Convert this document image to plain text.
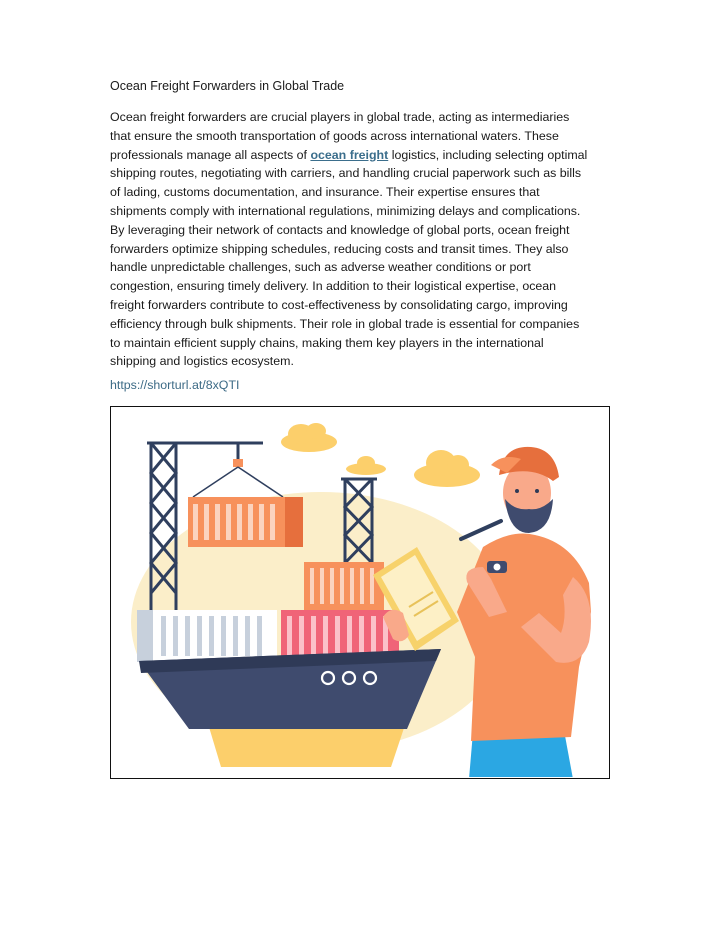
Ocean Freight Forwarders in Global Trade
Ocean freight forwarders are crucial players in global trade, acting as intermediaries
that ensure the smooth transportation of goods across international waters. These
professionals manage all aspects of ocean freight logistics, including selecting optimal
shipping routes, negotiating with carriers, and handling crucial paperwork such as bills
of lading, customs documentation, and insurance. Their expertise ensures that
shipments comply with international regulations, minimizing delays and complications.
By leveraging their network of contacts and knowledge of global ports, ocean freight
forwarders optimize shipping schedules, reducing costs and transit times. They also
handle unpredictable challenges, such as adverse weather conditions or port
congestion, ensuring timely delivery. In addition to their logistical expertise, ocean
freight forwarders contribute to cost-effectiveness by consolidating cargo, improving
efficiency through bulk shipments. Their role in global trade is essential for companies
to maintain efficient supply chains, making them key players in the international
shipping and logistics ecosystem.
https://shorturl.at/8xQTI
